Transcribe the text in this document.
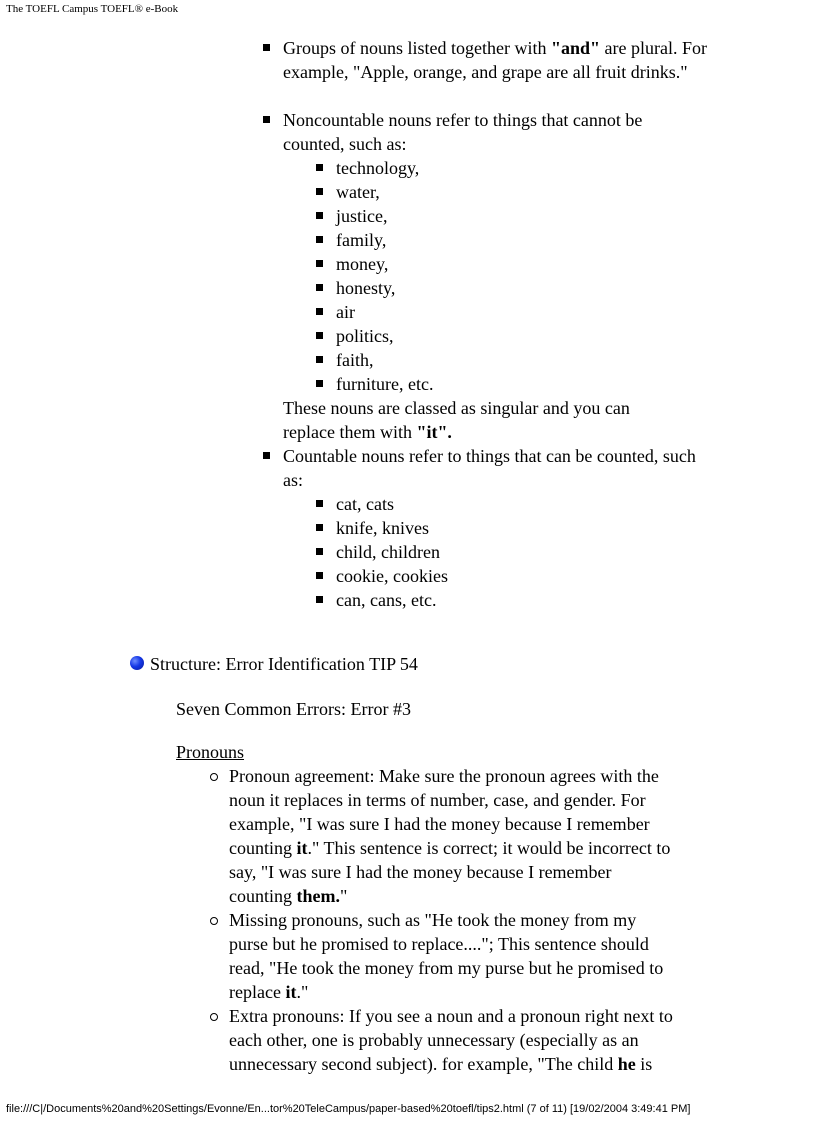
The TOEFL Campus TOEFL® e-Book
Groups of nouns listed together with "and" are plural. For example, "Apple, orange, and grape are all fruit drinks."
Noncountable nouns refer to things that cannot be counted, such as:
technology,
water,
justice,
family,
money,
honesty,
air
politics,
faith,
furniture, etc.
These nouns are classed as singular and you can replace them with "it".
Countable nouns refer to things that can be counted, such as:
cat, cats
knife, knives
child, children
cookie, cookies
can, cans, etc.
Structure: Error Identification TIP 54
Seven Common Errors: Error #3
Pronouns
Pronoun agreement: Make sure the pronoun agrees with the
noun it replaces in terms of number, case, and gender. For
example, "I was sure I had the money because I remember
counting it." This sentence is correct; it would be incorrect to
say, "I was sure I had the money because I remember
counting them."
Missing pronouns, such as "He took the money from my
purse but he promised to replace...."; This sentence should
read, "He took the money from my purse but he promised to
replace it."
Extra pronouns: If you see a noun and a pronoun right next to
each other, one is probably unnecessary (especially as an
unnecessary second subject). for example, "The child he is
file:///C|/Documents%20and%20Settings/Evonne/En...tor%20TeleCampus/paper-based%20toefl/tips2.html (7 of 11) [19/02/2004 3:49:41 PM]
